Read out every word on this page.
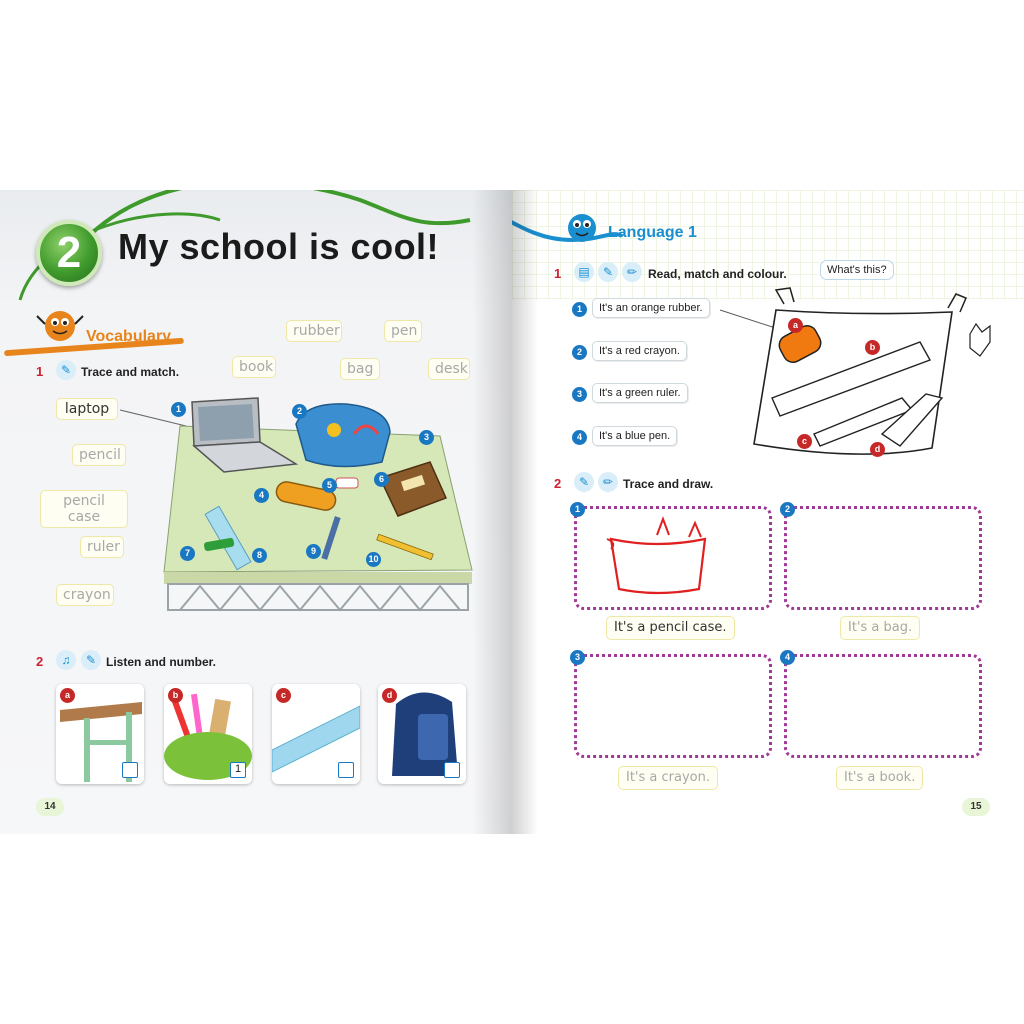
2	My school is cool!
Vocabulary
1	✎ Trace and match.
laptop
pencil
pencil case
ruler
crayon
rubber	pen
book	bag	desk
1	2
3
4
5
6
7	8	9
10
2	♫	✎ Listen and number.
a	b
1
c	d
14
Language 1
1	▤	✎	✏ Read, match and colour.	What's this?
1	It's an orange rubber.
2	It's a red crayon.
3	It's a green ruler.
4	It's a blue pen.
a
b
c
d
2	✎	✏ Trace and draw.
1
It's a pencil case.
2
It's a bag.
3
It's a crayon.
4
It's a book.
15
